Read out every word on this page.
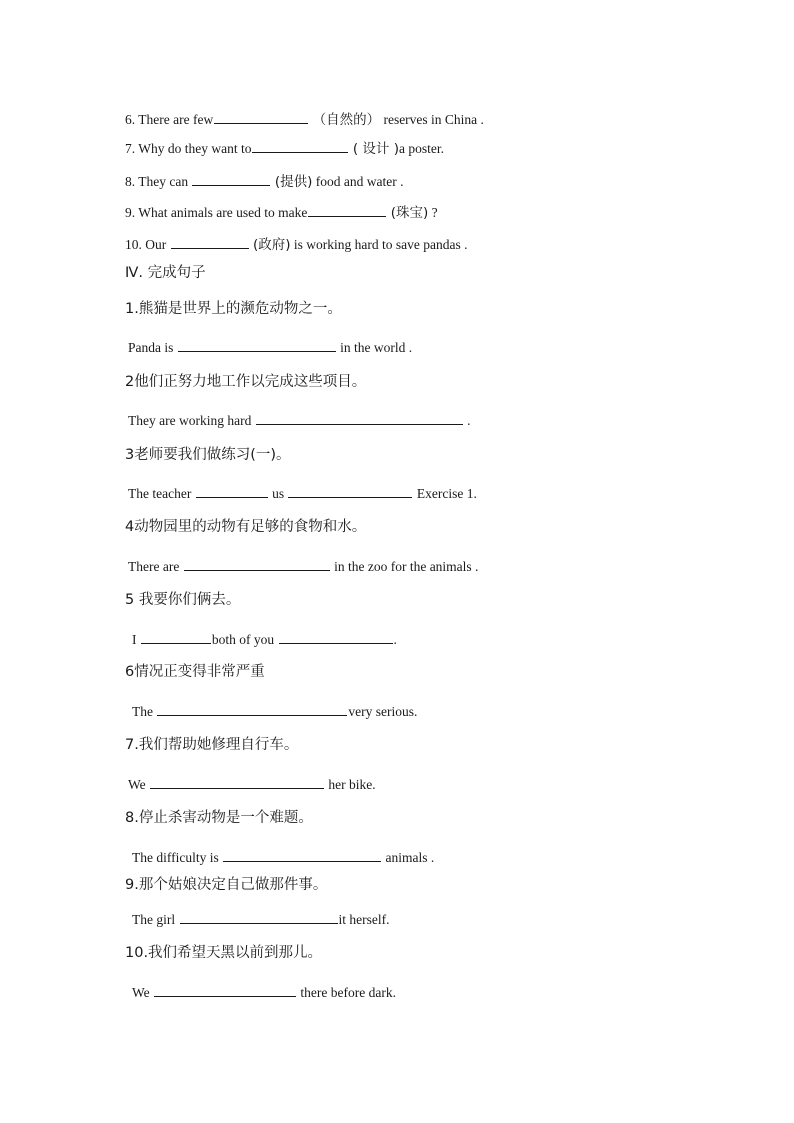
6. There are few	（自然的） reserves in China .
7. Why do they want to	( 设计 )a poster.
8. They can	(提供) food and water .
9. What animals are used to make	(珠宝) ?
10. Our	(政府) is working hard to save pandas .
Ⅳ. 完成句子
1.熊猫是世界上的濒危动物之一。
Panda is	in the world .
2他们正努力地工作以完成这些项目。
They are working hard	.
3老师要我们做练习(一)。
The teacher	us	Exercise 1.
4动物园里的动物有足够的食物和水。
There are	in the zoo for the animals .
5 我要你们俩去。
I	both of you	.
6情况正变得非常严重
The	very serious.
7.我们帮助她修理自行车。
We	her bike.
8.停止杀害动物是一个难题。
The difficulty is	animals .
9.那个姑娘决定自己做那件事。
The girl	it herself.
10.我们希望天黑以前到那儿。
We	there before dark.
